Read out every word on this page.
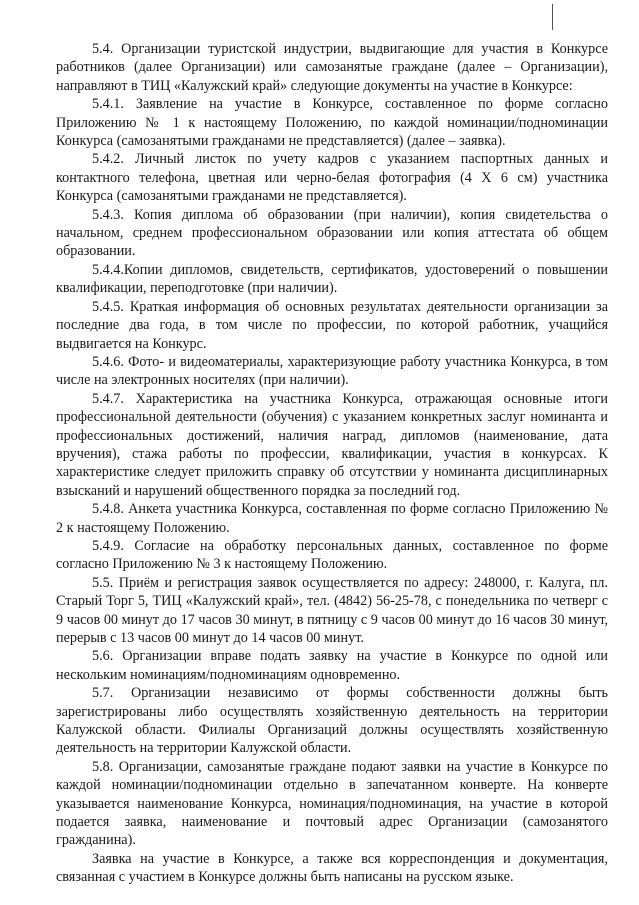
5.4. Организации туристской индустрии, выдвигающие для участия в Конкурсе работников (далее Организации) или самозанятые граждане (далее – Организации), направляют в ТИЦ «Калужский край» следующие документы на участие в Конкурсе:

5.4.1. Заявление на участие в Конкурсе, составленное по форме согласно Приложению № 1 к настоящему Положению, по каждой номинации/подноминации Конкурса (самозанятыми гражданами не представляется) (далее – заявка).

5.4.2. Личный листок по учету кадров с указанием паспортных данных и контактного телефона, цветная или черно-белая фотография (4 Х 6 см) участника Конкурса (самозанятыми гражданами не представляется).

5.4.3. Копия диплома об образовании (при наличии), копия свидетельства о начальном, среднем профессиональном образовании или копия аттестата об общем образовании.

5.4.4.Копии дипломов, свидетельств, сертификатов, удостоверений о повышении квалификации, переподготовке (при наличии).

5.4.5. Краткая информация об основных результатах деятельности организации за последние два года, в том числе по профессии, по которой работник, учащийся выдвигается на Конкурс.

5.4.6. Фото- и видеоматериалы, характеризующие работу участника Конкурса, в том числе на электронных носителях (при наличии).

5.4.7. Характеристика на участника Конкурса, отражающая основные итоги профессиональной деятельности (обучения) с указанием конкретных заслуг номинанта и профессиональных достижений, наличия наград, дипломов (наименование, дата вручения), стажа работы по профессии, квалификации, участия в конкурсах. К характеристике следует приложить справку об отсутствии у номинанта дисциплинарных взысканий и нарушений общественного порядка за последний год.

5.4.8. Анкета участника Конкурса, составленная по форме согласно Приложению № 2 к настоящему Положению.

5.4.9. Согласие на обработку персональных данных, составленное по форме согласно Приложению № 3 к настоящему Положению.

5.5. Приём и регистрация заявок осуществляется по адресу: 248000, г. Калуга, пл. Старый Торг 5, ТИЦ «Калужский край», тел. (4842) 56-25-78, с понедельника по четверг с 9 часов 00 минут до 17 часов 30 минут, в пятницу с 9 часов 00 минут до 16 часов 30 минут, перерыв с 13 часов 00 минут до 14 часов 00 минут.

5.6. Организации вправе подать заявку на участие в Конкурсе по одной или нескольким номинациям/подноминациям одновременно.

5.7. Организации независимо от формы собственности должны быть зарегистрированы либо осуществлять хозяйственную деятельность на территории Калужской области. Филиалы Организаций должны осуществлять хозяйственную деятельность на территории Калужской области.

5.8. Организации, самозанятые граждане подают заявки на участие в Конкурсе по каждой номинации/подноминации отдельно в запечатанном конверте. На конверте указывается наименование Конкурса, номинация/подноминация, на участие в которой подается заявка, наименование и почтовый адрес Организации (самозанятого гражданина).

Заявка на участие в Конкурсе, а также вся корреспонденция и документация, связанная с участием в Конкурсе должны быть написаны на русском языке.
